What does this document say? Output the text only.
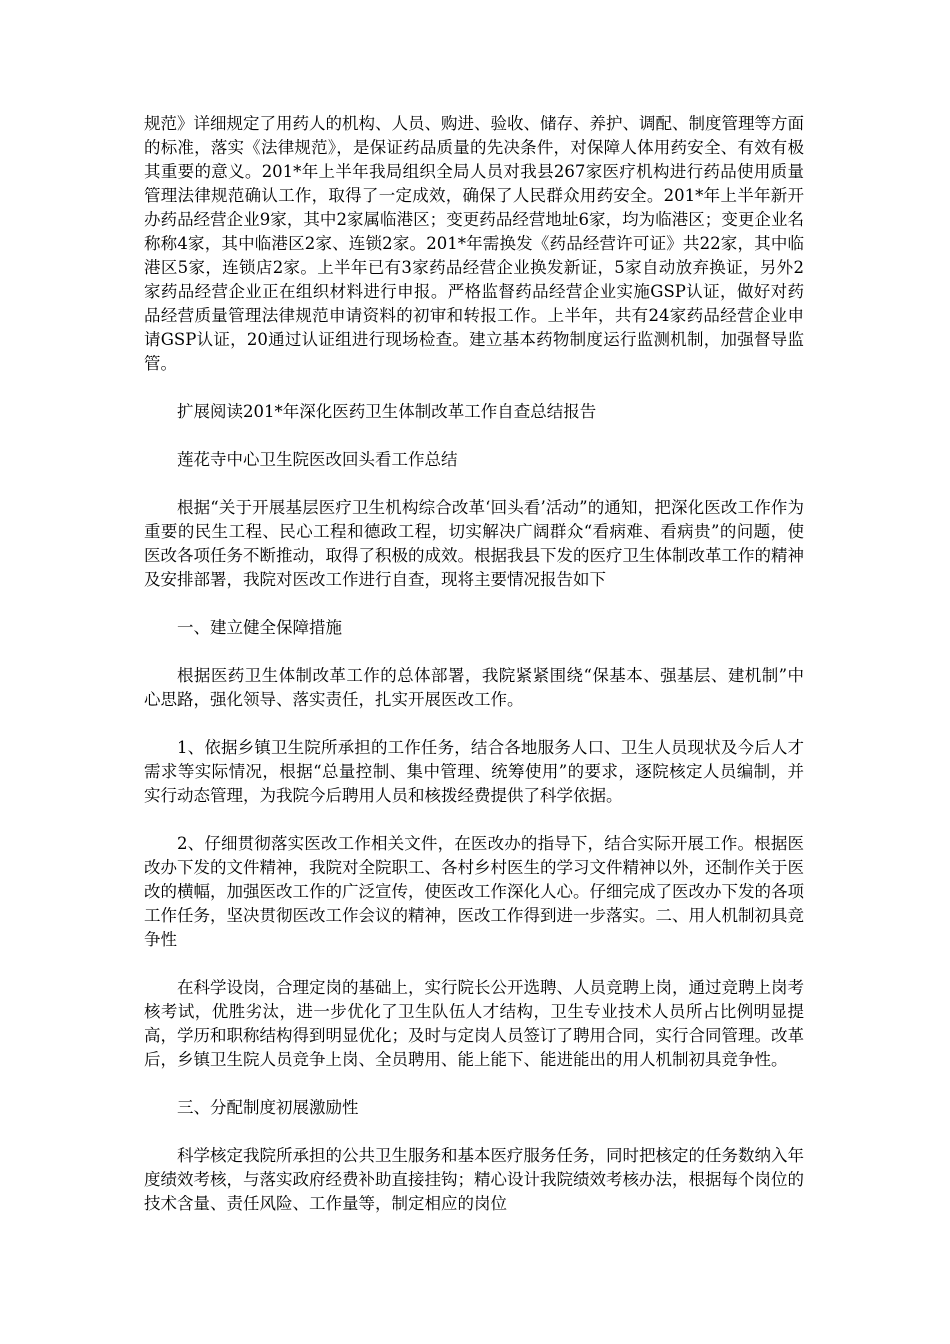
规范》详细规定了用药人的机构、人员、购进、验收、储存、养护、调配、制度管理等方面的标准，落实《法律规范》，是保证药品质量的先决条件，对保障人体用药安全、有效有极其重要的意义。201*年上半年我局组织全局人员对我县267家医疗机构进行药品使用质量管理法律规范确认工作，取得了一定成效，确保了人民群众用药安全。201*年上半年新开办药品经营企业9家，其中2家属临港区；变更药品经营地址6家，均为临港区；变更企业名称称4家，其中临港区2家、连锁2家。201*年需换发《药品经营许可证》共22家，其中临港区5家，连锁店2家。上半年已有3家药品经营企业换发新证，5家自动放弃换证，另外2家药品经营企业正在组织材料进行申报。严格监督药品经营企业实施GSP认证，做好对药品经营质量管理法律规范申请资料的初审和转报工作。上半年，共有24家药品经营企业申请GSP认证，20通过认证组进行现场检查。建立基本药物制度运行监测机制，加强督导监管。

扩展阅读201*年深化医药卫生体制改革工作自查总结报告

莲花寺中心卫生院医改回头看工作总结

根据“关于开展基层医疗卫生机构综合改革‘回头看’活动”的通知，把深化医改工作作为重要的民生工程、民心工程和德政工程，切实解决广阔群众“看病难、看病贵”的问题，使医改各项任务不断推动，取得了积极的成效。根据我县下发的医疗卫生体制改革工作的精神及安排部署，我院对医改工作进行自查，现将主要情况报告如下

一、建立健全保障措施

根据医药卫生体制改革工作的总体部署，我院紧紧围绕“保基本、强基层、建机制”中心思路，强化领导、落实责任，扎实开展医改工作。

1、依据乡镇卫生院所承担的工作任务，结合各地服务人口、卫生人员现状及今后人才需求等实际情况，根据“总量控制、集中管理、统筹使用”的要求，逐院核定人员编制，并实行动态管理，为我院今后聘用人员和核拨经费提供了科学依据。

2、仔细贯彻落实医改工作相关文件，在医改办的指导下，结合实际开展工作。根据医改办下发的文件精神，我院对全院职工、各村乡村医生的学习文件精神以外，还制作关于医改的横幅，加强医改工作的广泛宣传，使医改工作深化人心。仔细完成了医改办下发的各项工作任务，坚决贯彻医改工作会议的精神，医改工作得到进一步落实。二、用人机制初具竞争性

在科学设岗，合理定岗的基础上，实行院长公开选聘、人员竞聘上岗，通过竞聘上岗考核考试，优胜劣汰，进一步优化了卫生队伍人才结构，卫生专业技术人员所占比例明显提高，学历和职称结构得到明显优化；及时与定岗人员签订了聘用合同，实行合同管理。改革后，乡镇卫生院人员竞争上岗、全员聘用、能上能下、能进能出的用人机制初具竞争性。

三、分配制度初展激励性

科学核定我院所承担的公共卫生服务和基本医疗服务任务，同时把核定的任务数纳入年度绩效考核，与落实政府经费补助直接挂钩；精心设计我院绩效考核办法，根据每个岗位的技术含量、责任风险、工作量等，制定相应的岗位
